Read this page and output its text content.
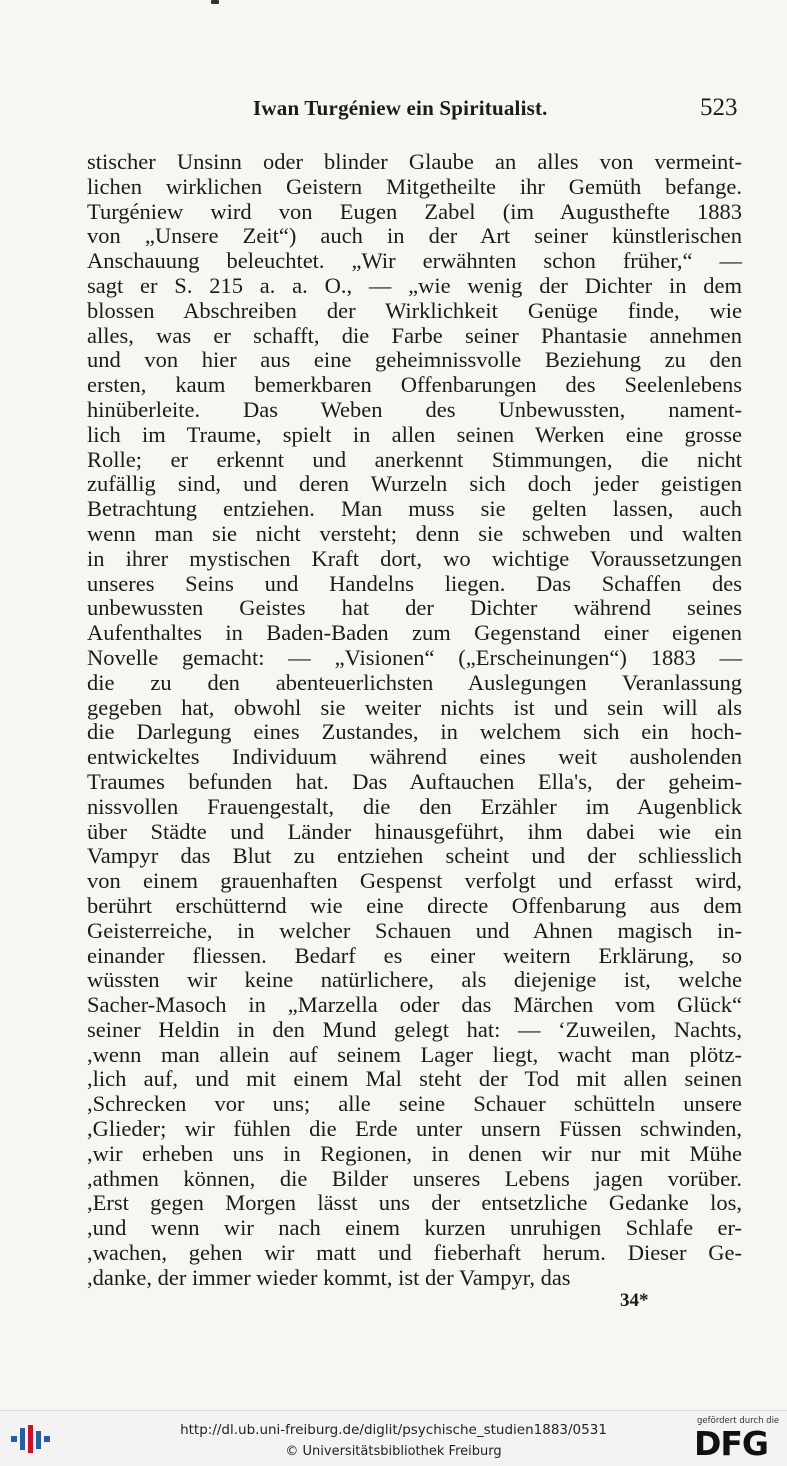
Iwan Turgéniew ein Spiritualist.	523
stischer Unsinn oder blinder Glaube an alles von vermeint-
lichen wirklichen Geistern Mitgetheilte ihr Gemüth befange.
Turgéniew wird von Eugen Zabel (im Augusthefte 1883
von „Unsere Zeit“) auch in der Art seiner künstlerischen
Anschauung beleuchtet. „Wir erwähnten schon früher,“ —
sagt er S. 215 a. a. O., — „wie wenig der Dichter in dem
blossen Abschreiben der Wirklichkeit Genüge finde, wie
alles, was er schafft, die Farbe seiner Phantasie annehmen
und von hier aus eine geheimnissvolle Beziehung zu den
ersten, kaum bemerkbaren Offenbarungen des Seelenlebens
hinüberleite. Das Weben des Unbewussten, nament-
lich im Traume, spielt in allen seinen Werken eine grosse
Rolle; er erkennt und anerkennt Stimmungen, die nicht
zufällig sind, und deren Wurzeln sich doch jeder geistigen
Betrachtung entziehen. Man muss sie gelten lassen, auch
wenn man sie nicht versteht; denn sie schweben und walten
in ihrer mystischen Kraft dort, wo wichtige Voraussetzungen
unseres Seins und Handelns liegen. Das Schaffen des
unbewussten Geistes hat der Dichter während seines
Aufenthaltes in Baden-Baden zum Gegenstand einer eigenen
Novelle gemacht: — „Visionen“ („Erscheinungen“) 1883 —
die zu den abenteuerlichsten Auslegungen Veranlassung
gegeben hat, obwohl sie weiter nichts ist und sein will als
die Darlegung eines Zustandes, in welchem sich ein hoch-
entwickeltes Individuum während eines weit ausholenden
Traumes befunden hat. Das Auftauchen Ella's, der geheim-
nissvollen Frauengestalt, die den Erzähler im Augenblick
über Städte und Länder hinausgeführt, ihm dabei wie ein
Vampyr das Blut zu entziehen scheint und der schliesslich
von einem grauenhaften Gespenst verfolgt und erfasst wird,
berührt erschütternd wie eine directe Offenbarung aus dem
Geisterreiche, in welcher Schauen und Ahnen magisch in-
einander fliessen. Bedarf es einer weitern Erklärung, so
wüssten wir keine natürlichere, als diejenige ist, welche
Sacher-Masoch in „Marzella oder das Märchen vom Glück“
seiner Heldin in den Mund gelegt hat: — ‘Zuweilen, Nachts,
,wenn man allein auf seinem Lager liegt, wacht man plötz-
,lich auf, und mit einem Mal steht der Tod mit allen seinen
,Schrecken vor uns; alle seine Schauer schütteln unsere
,Glieder; wir fühlen die Erde unter unsern Füssen schwinden,
,wir erheben uns in Regionen, in denen wir nur mit Mühe
,athmen können, die Bilder unseres Lebens jagen vorüber.
,Erst gegen Morgen lässt uns der entsetzliche Gedanke los,
,und wenn wir nach einem kurzen unruhigen Schlafe er-
,wachen, gehen wir matt und fieberhaft herum. Dieser Ge-
,danke, der immer wieder kommt, ist der Vampyr, das
34*
http://dl.ub.uni-freiburg.de/diglit/psychische_studien1883/0531
© Universitätsbibliothek Freiburg
gefördert durch die
DFG
